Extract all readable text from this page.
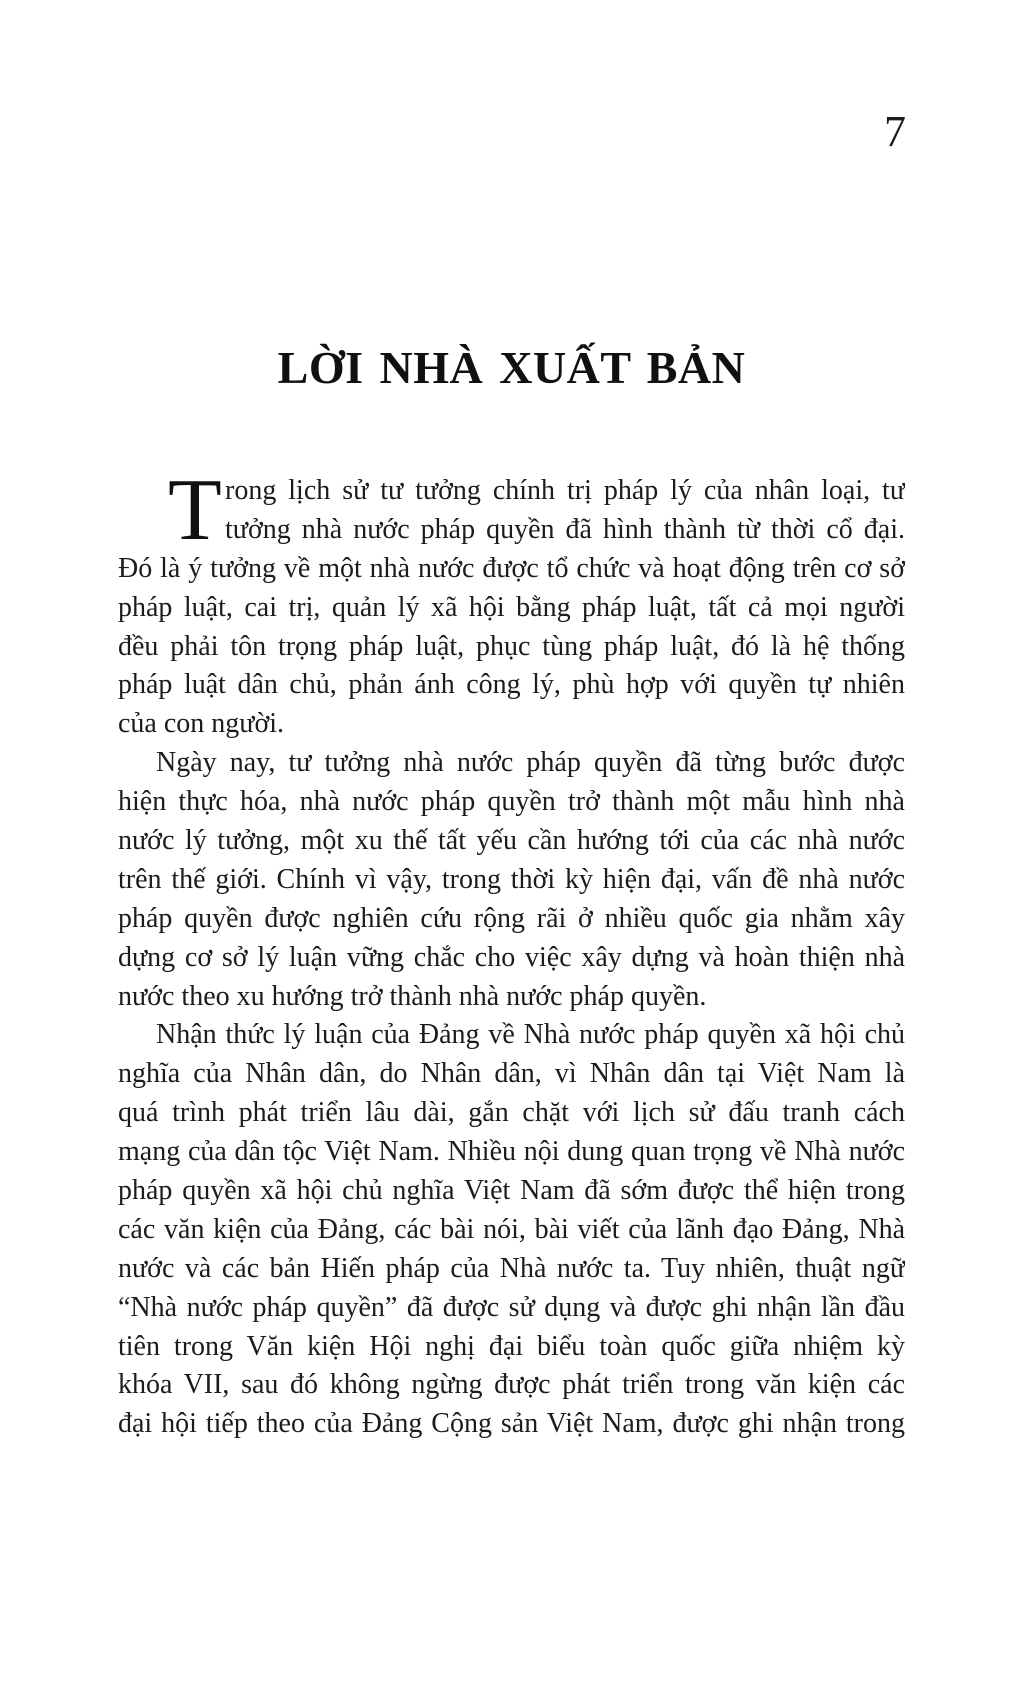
7
LỜI NHÀ XUẤT BẢN
T rong lịch sử tư tưởng chính trị pháp lý của nhân loại, tư
tưởng nhà nước pháp quyền đã hình thành từ thời cổ đại.
Đó là ý tưởng về một nhà nước được tổ chức và hoạt động trên cơ sở
pháp luật, cai trị, quản lý xã hội bằng pháp luật, tất cả mọi người
đều phải tôn trọng pháp luật, phục tùng pháp luật, đó là hệ thống
pháp luật dân chủ, phản ánh công lý, phù hợp với quyền tự nhiên
của con người.
Ngày nay, tư tưởng nhà nước pháp quyền đã từng bước được
hiện thực hóa, nhà nước pháp quyền trở thành một mẫu hình nhà
nước lý tưởng, một xu thế tất yếu cần hướng tới của các nhà nước
trên thế giới. Chính vì vậy, trong thời kỳ hiện đại, vấn đề nhà nước
pháp quyền được nghiên cứu rộng rãi ở nhiều quốc gia nhằm xây
dựng cơ sở lý luận vững chắc cho việc xây dựng và hoàn thiện nhà
nước theo xu hướng trở thành nhà nước pháp quyền.
Nhận thức lý luận của Đảng về Nhà nước pháp quyền xã hội chủ
nghĩa của Nhân dân, do Nhân dân, vì Nhân dân tại Việt Nam là
quá trình phát triển lâu dài, gắn chặt với lịch sử đấu tranh cách
mạng của dân tộc Việt Nam. Nhiều nội dung quan trọng về Nhà nước
pháp quyền xã hội chủ nghĩa Việt Nam đã sớm được thể hiện trong
các văn kiện của Đảng, các bài nói, bài viết của lãnh đạo Đảng, Nhà
nước và các bản Hiến pháp của Nhà nước ta. Tuy nhiên, thuật ngữ
“Nhà nước pháp quyền” đã được sử dụng và được ghi nhận lần đầu
tiên trong Văn kiện Hội nghị đại biểu toàn quốc giữa nhiệm kỳ
khóa VII, sau đó không ngừng được phát triển trong văn kiện các
đại hội tiếp theo của Đảng Cộng sản Việt Nam, được ghi nhận trong
